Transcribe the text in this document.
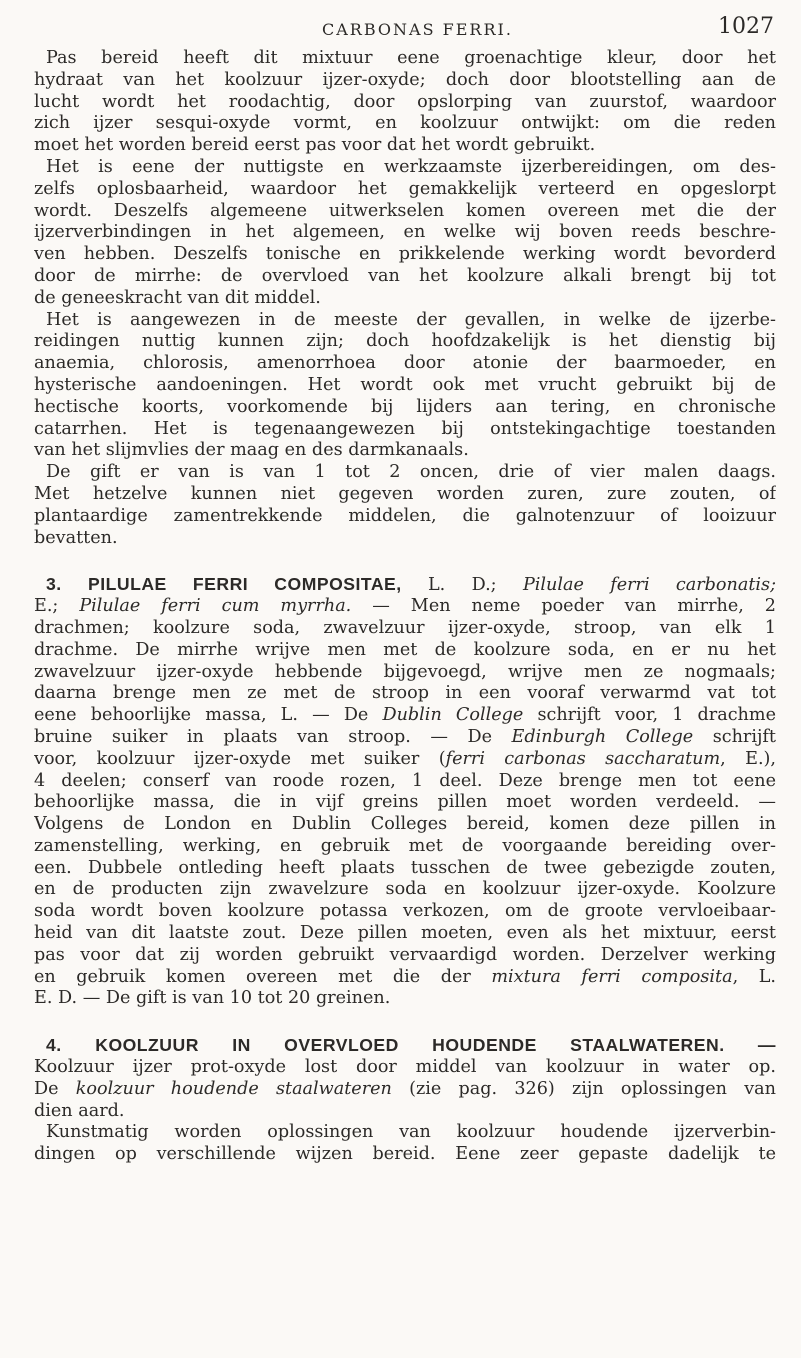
CARBONAS FERRI.	1027
Pas bereid heeft dit mixtuur eene groenachtige kleur, door het
hydraat van het koolzuur ijzer-oxyde; doch door blootstelling aan de
lucht wordt het roodachtig, door opslorping van zuurstof, waardoor
zich ijzer sesqui-oxyde vormt, en koolzuur ontwijkt: om die reden
moet het worden bereid eerst pas voor dat het wordt gebruikt.
Het is eene der nuttigste en werkzaamste ijzerbereidingen, om des-
zelfs oplosbaarheid, waardoor het gemakkelijk verteerd en opgeslorpt
wordt. Deszelfs algemeene uitwerkselen komen overeen met die der
ijzerverbindingen in het algemeen, en welke wij boven reeds beschre-
ven hebben. Deszelfs tonische en prikkelende werking wordt bevorderd
door de mirrhe: de overvloed van het koolzure alkali brengt bij tot
de geneeskracht van dit middel.
Het is aangewezen in de meeste der gevallen, in welke de ijzerbe-
reidingen nuttig kunnen zijn; doch hoofdzakelijk is het dienstig bij
anaemia, chlorosis, amenorrhoea door atonie der baarmoeder, en
hysterische aandoeningen. Het wordt ook met vrucht gebruikt bij de
hectische koorts, voorkomende bij lijders aan tering, en chronische
catarrhen. Het is tegenaangewezen bij ontstekingachtige toestanden
van het slijmvlies der maag en des darmkanaals.
De gift er van is van 1 tot 2 oncen, drie of vier malen daags.
Met hetzelve kunnen niet gegeven worden zuren, zure zouten, of
plantaardige zamentrekkende middelen, die galnotenzuur of looizuur
bevatten.
3. PILULAE FERRI COMPOSITAE, L. D.; Pilulae ferri carbonatis;
E.; Pilulae ferri cum myrrha. — Men neme poeder van mirrhe, 2
drachmen; koolzure soda, zwavelzuur ijzer-oxyde, stroop, van elk 1
drachme. De mirrhe wrijve men met de koolzure soda, en er nu het
zwavelzuur ijzer-oxyde hebbende bijgevoegd, wrijve men ze nogmaals;
daarna brenge men ze met de stroop in een vooraf verwarmd vat tot
eene behoorlijke massa, L. — De Dublin College schrijft voor, 1 drachme
bruine suiker in plaats van stroop. — De Edinburgh College schrijft
voor, koolzuur ijzer-oxyde met suiker (ferri carbonas saccharatum, E.),
4 deelen; conserf van roode rozen, 1 deel. Deze brenge men tot eene
behoorlijke massa, die in vijf greins pillen moet worden verdeeld. —
Volgens de London en Dublin Colleges bereid, komen deze pillen in
zamenstelling, werking, en gebruik met de voorgaande bereiding over-
een. Dubbele ontleding heeft plaats tusschen de twee gebezigde zouten,
en de producten zijn zwavelzure soda en koolzuur ijzer-oxyde. Koolzure
soda wordt boven koolzure potassa verkozen, om de groote vervloeibaar-
heid van dit laatste zout. Deze pillen moeten, even als het mixtuur, eerst
pas voor dat zij worden gebruikt vervaardigd worden. Derzelver werking
en gebruik komen overeen met die der mixtura ferri composita, L.
E. D. — De gift is van 10 tot 20 greinen.
4. KOOLZUUR IN OVERVLOED HOUDENDE STAALWATEREN. —
Koolzuur ijzer prot-oxyde lost door middel van koolzuur in water op.
De koolzuur houdende staalwateren (zie pag. 326) zijn oplossingen van
dien aard.
Kunstmatig worden oplossingen van koolzuur houdende ijzerverbin-
dingen op verschillende wijzen bereid. Eene zeer gepaste dadelijk te
